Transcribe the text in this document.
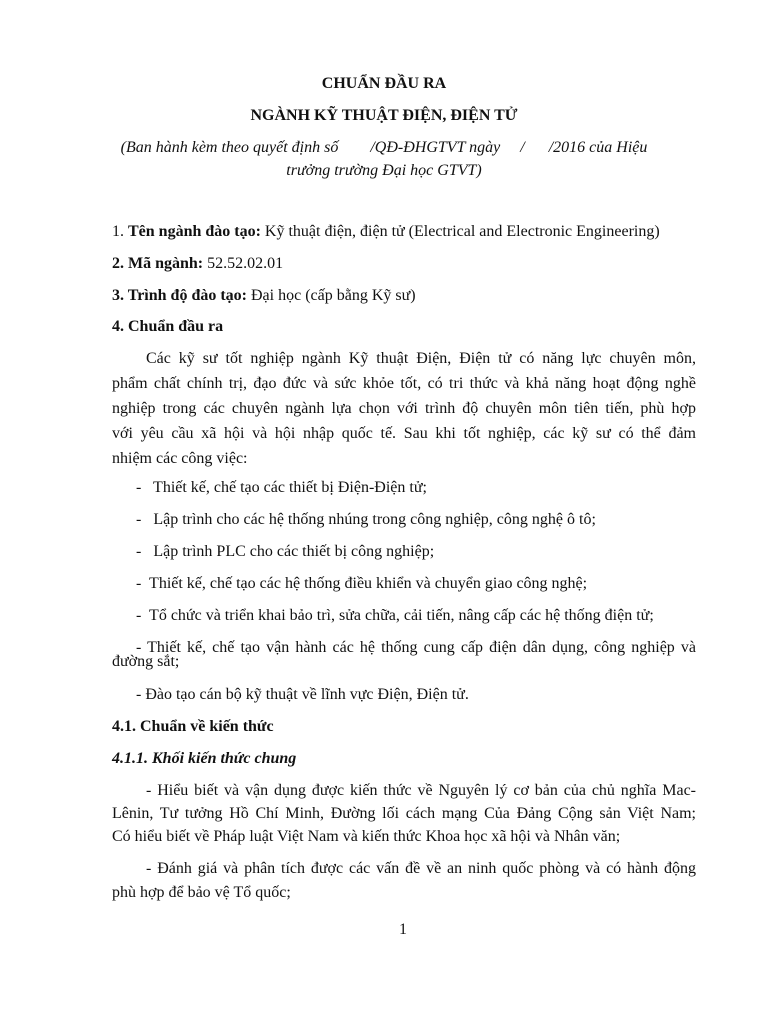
CHUẨN ĐẦU RA
NGÀNH KỸ THUẬT ĐIỆN, ĐIỆN TỬ
(Ban hành kèm theo quyết định số        /QĐ-ĐHGTVT ngày     /      /2016 của Hiệu
trưởng trường Đại học GTVT)
1. Tên ngành đào tạo: Kỹ thuật điện, điện tử (Electrical and Electronic Engineering)
2. Mã ngành: 52.52.02.01
3. Trình độ đào tạo: Đại học (cấp bằng Kỹ sư)
4. Chuẩn đầu ra
Các kỹ sư tốt nghiệp ngành Kỹ thuật Điện, Điện tử có năng lực chuyên môn,
phẩm chất chính trị, đạo đức và sức khỏe tốt, có tri thức và khả năng hoạt động nghề
nghiệp trong các chuyên ngành lựa chọn với trình độ chuyên môn tiên tiến, phù hợp
với yêu cầu xã hội và hội nhập quốc tế. Sau khi tốt nghiệp, các kỹ sư có thể đảm
nhiệm các công việc:
-   Thiết kế, chế tạo các thiết bị Điện-Điện tử;
-   Lập trình cho các hệ thống nhúng trong công nghiệp, công nghệ ô tô;
-   Lập trình PLC cho các thiết bị công nghiệp;
-  Thiết kế, chế tạo các hệ thống điều khiển và chuyển giao công nghệ;
-  Tổ chức và triển khai bảo trì, sửa chữa, cải tiến, nâng cấp các hệ thống điện tử;
- Thiết kế, chế tạo vận hành các hệ thống cung cấp điện dân dụng, công nghiệp và
đường sắt;
- Đào tạo cán bộ kỹ thuật về lĩnh vực Điện, Điện tử.
4.1. Chuẩn về kiến thức
4.1.1. Khối kiến thức chung
- Hiểu biết và vận dụng được kiến thức về Nguyên lý cơ bản của chủ nghĩa Mac-
Lênin, Tư tưởng Hồ Chí Minh, Đường lối cách mạng Của Đảng Cộng sản Việt Nam;
Có hiểu biết về Pháp luật Việt Nam và kiến thức Khoa học xã hội và Nhân văn;
- Đánh giá và phân tích được các vấn đề về an ninh quốc phòng và có hành động
phù hợp để bảo vệ Tổ quốc;
1
